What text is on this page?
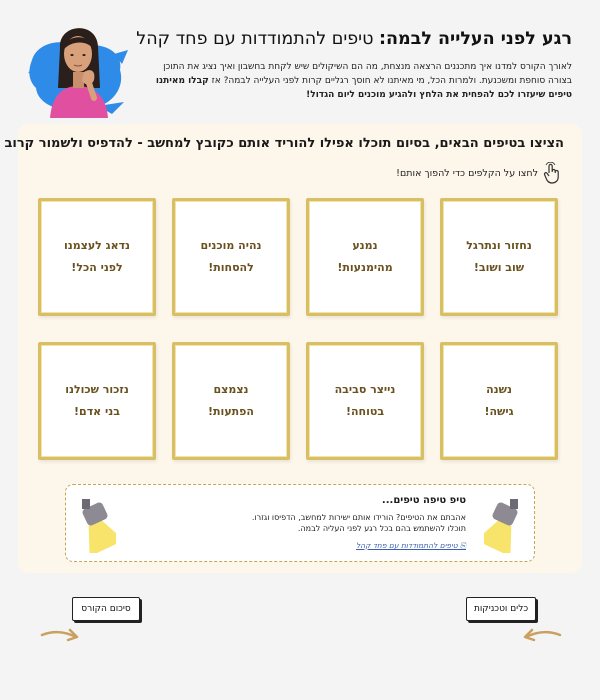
רגע לפני העלייה לבמה: טיפים להתמודדות עם פחד קהל
לאורך הקורס למדנו איך מתכננים הרצאה מנצחת, מה הם השיקולים שיש לקחת בחשבון ואיך נציג את התוכן בצורה סוחפת ומשכנעת. ולמרות הכל, מי מאיתנו לא חוסך רגליים קרות לפני העלייה לבמה? אז קבלו מאיתנו טיפים שיעזרו לכם להפחית את הלחץ ולהגיע מוכנים ליום הגדול!
הציצו בטיפים הבאים, בסיום תוכלו אפילו להוריד אותם כקובץ למחשב - להדפיס ולשמור קרוב
לחצו על הקלפים כדי להפוך אותם!
נחזור ונתרגל
שוב ושוב!
נמנע
מהימנעות!
נהיה מוכנים
להסחות!
נדאג לעצמנו
לפני הכל!
נשנה
גישה!
נייצר סביבה
בטוחה!
נצמצם
הפתעות!
נזכור שכולנו
בני אדם!
טיפ טיפה טיפים...
אהבתם את הטיפים? הורידו אותם ישירות למחשב, הדפיסו וגזרו.
תוכלו להשתמש בהם בכל רגע לפני העליה לבמה.
⎘ טיפים להתמודדות עם פחד קהל
כלים וטכניקות
סיכום הקורס
